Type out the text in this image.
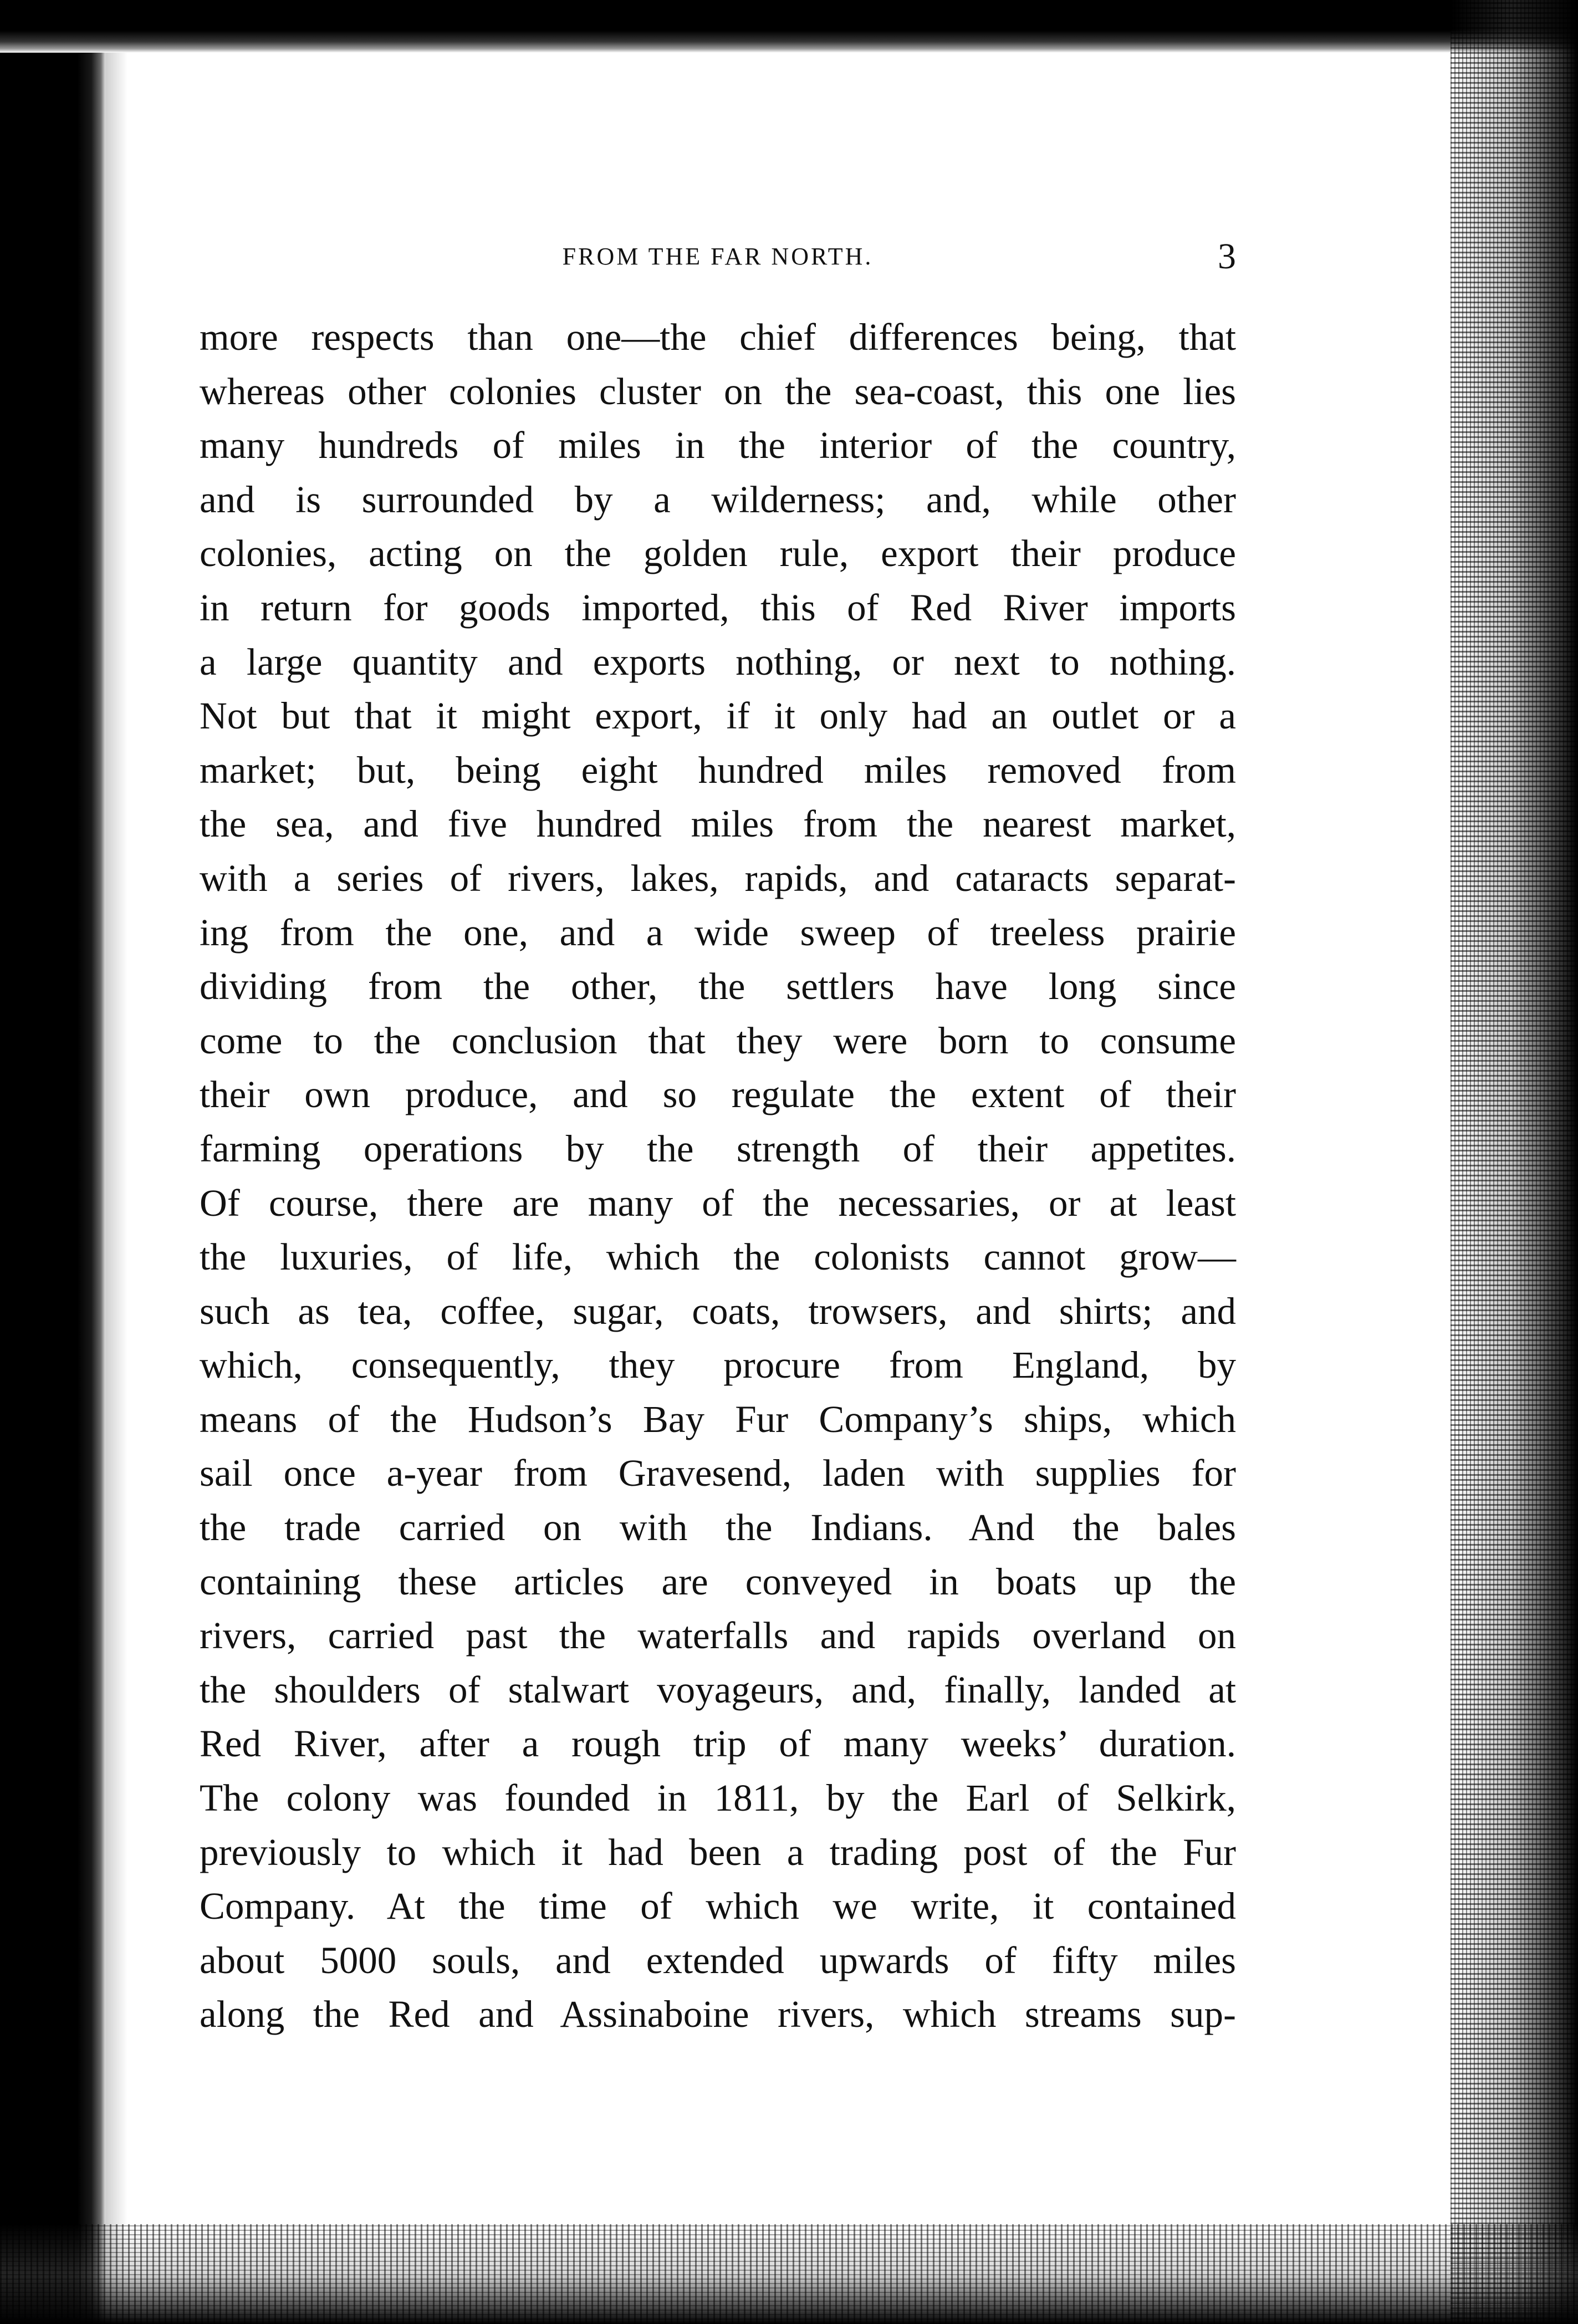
FROM THE FAR NORTH.	3
more respects than one—the chief differences being, that
whereas other colonies cluster on the sea-coast, this one lies
many hundreds of miles in the interior of the country,
and is surrounded by a wilderness; and, while other
colonies, acting on the golden rule, export their produce
in return for goods imported, this of Red River imports
a large quantity and exports nothing, or next to nothing.
Not but that it might export, if it only had an outlet or a
market; but, being eight hundred miles removed from
the sea, and five hundred miles from the nearest market,
with a series of rivers, lakes, rapids, and cataracts separat-
ing from the one, and a wide sweep of treeless prairie
dividing from the other, the settlers have long since
come to the conclusion that they were born to consume
their own produce, and so regulate the extent of their
farming operations by the strength of their appetites.
Of course, there are many of the necessaries, or at least
the luxuries, of life, which the colonists cannot grow—
such as tea, coffee, sugar, coats, trowsers, and shirts; and
which, consequently, they procure from England, by
means of the Hudson’s Bay Fur Company’s ships, which
sail once a-year from Gravesend, laden with supplies for
the trade carried on with the Indians. And the bales
containing these articles are conveyed in boats up the
rivers, carried past the waterfalls and rapids overland on
the shoulders of stalwart voyageurs, and, finally, landed at
Red River, after a rough trip of many weeks’ duration.
The colony was founded in 1811, by the Earl of Selkirk,
previously to which it had been a trading post of the Fur
Company. At the time of which we write, it contained
about 5000 souls, and extended upwards of fifty miles
along the Red and Assinaboine rivers, which streams sup-
